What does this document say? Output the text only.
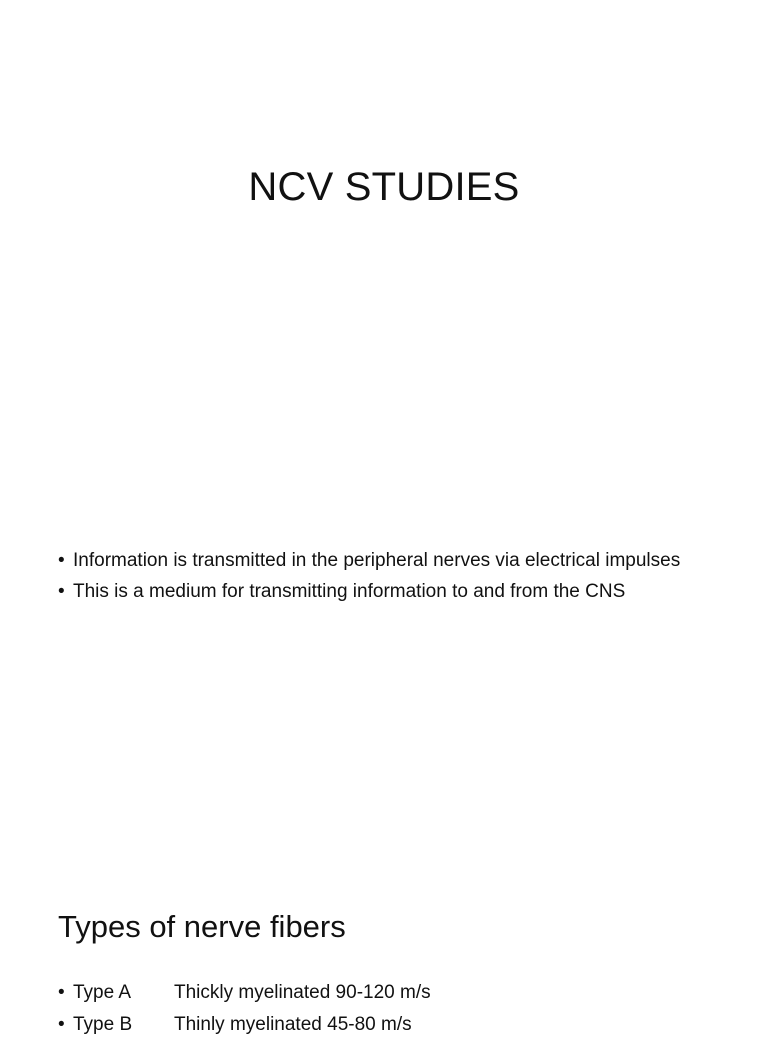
NCV STUDIES
• Information is transmitted in the peripheral nerves via electrical impulses
• This is a medium for transmitting information to and from the CNS
Types of nerve fibers
• Type A Thickly myelinated 90-120 m/s
• Type B Thinly myelinated 45-80 m/s
